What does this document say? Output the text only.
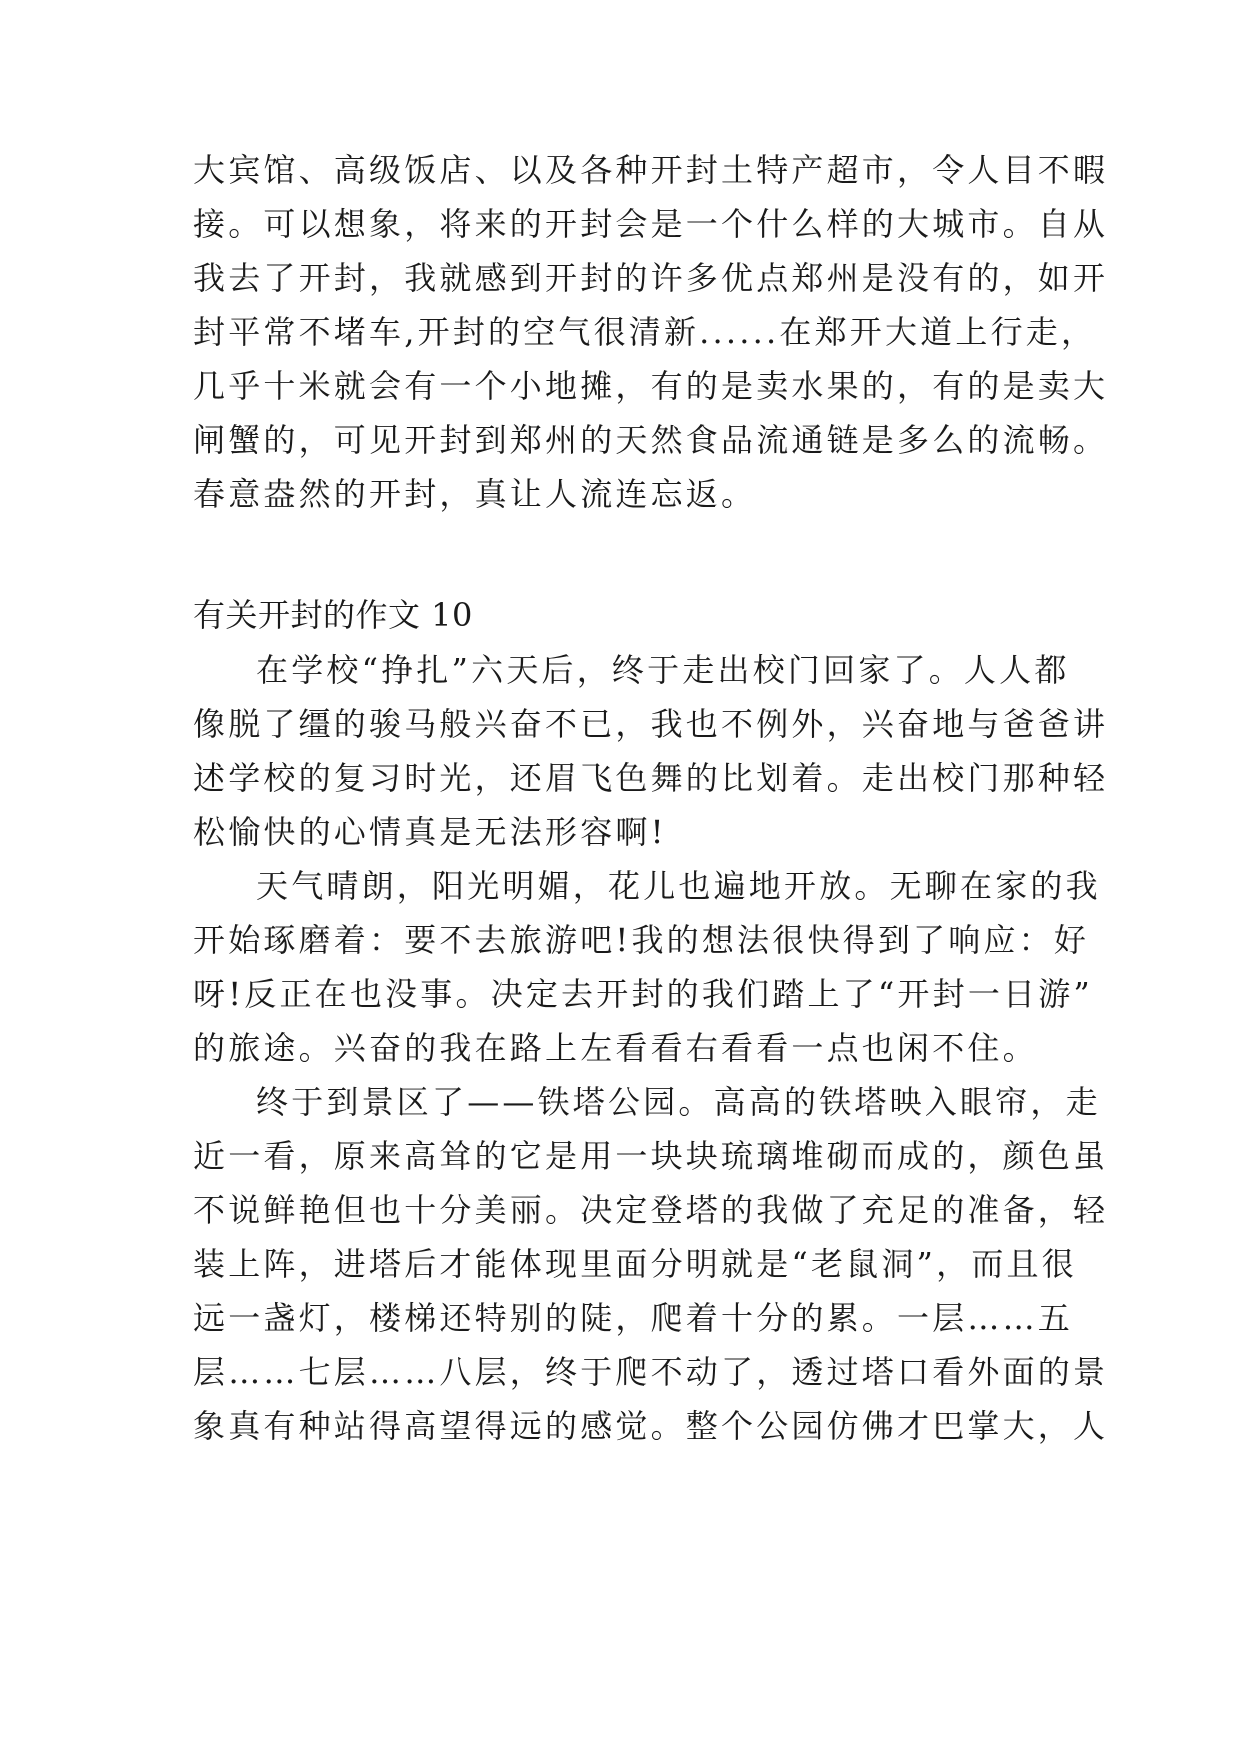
大宾馆、高级饭店、以及各种开封土特产超市，令人目不暇
接。可以想象，将来的开封会是一个什么样的大城市。自从
我去了开封，我就感到开封的许多优点郑州是没有的，如开
封平常不堵车,开封的空气很清新......在郑开大道上行走，
几乎十米就会有一个小地摊，有的是卖水果的，有的是卖大
闸蟹的，可见开封到郑州的天然食品流通链是多么的流畅。
春意盎然的开封，真让人流连忘返。
有关开封的作文 10
在学校“挣扎”六天后，终于走出校门回家了。人人都
像脱了缰的骏马般兴奋不已，我也不例外，兴奋地与爸爸讲
述学校的复习时光，还眉飞色舞的比划着。走出校门那种轻
松愉快的心情真是无法形容啊!
天气晴朗，阳光明媚，花儿也遍地开放。无聊在家的我
开始琢磨着：要不去旅游吧!我的想法很快得到了响应：好
呀!反正在也没事。决定去开封的我们踏上了“开封一日游”
的旅途。兴奋的我在路上左看看右看看一点也闲不住。
终于到景区了——铁塔公园。高高的铁塔映入眼帘，走
近一看，原来高耸的它是用一块块琉璃堆砌而成的，颜色虽
不说鲜艳但也十分美丽。决定登塔的我做了充足的准备，轻
装上阵，进塔后才能体现里面分明就是“老鼠洞”，而且很
远一盏灯，楼梯还特别的陡，爬着十分的累。一层……五
层……七层……八层，终于爬不动了，透过塔口看外面的景
象真有种站得高望得远的感觉。整个公园仿佛才巴掌大，人
